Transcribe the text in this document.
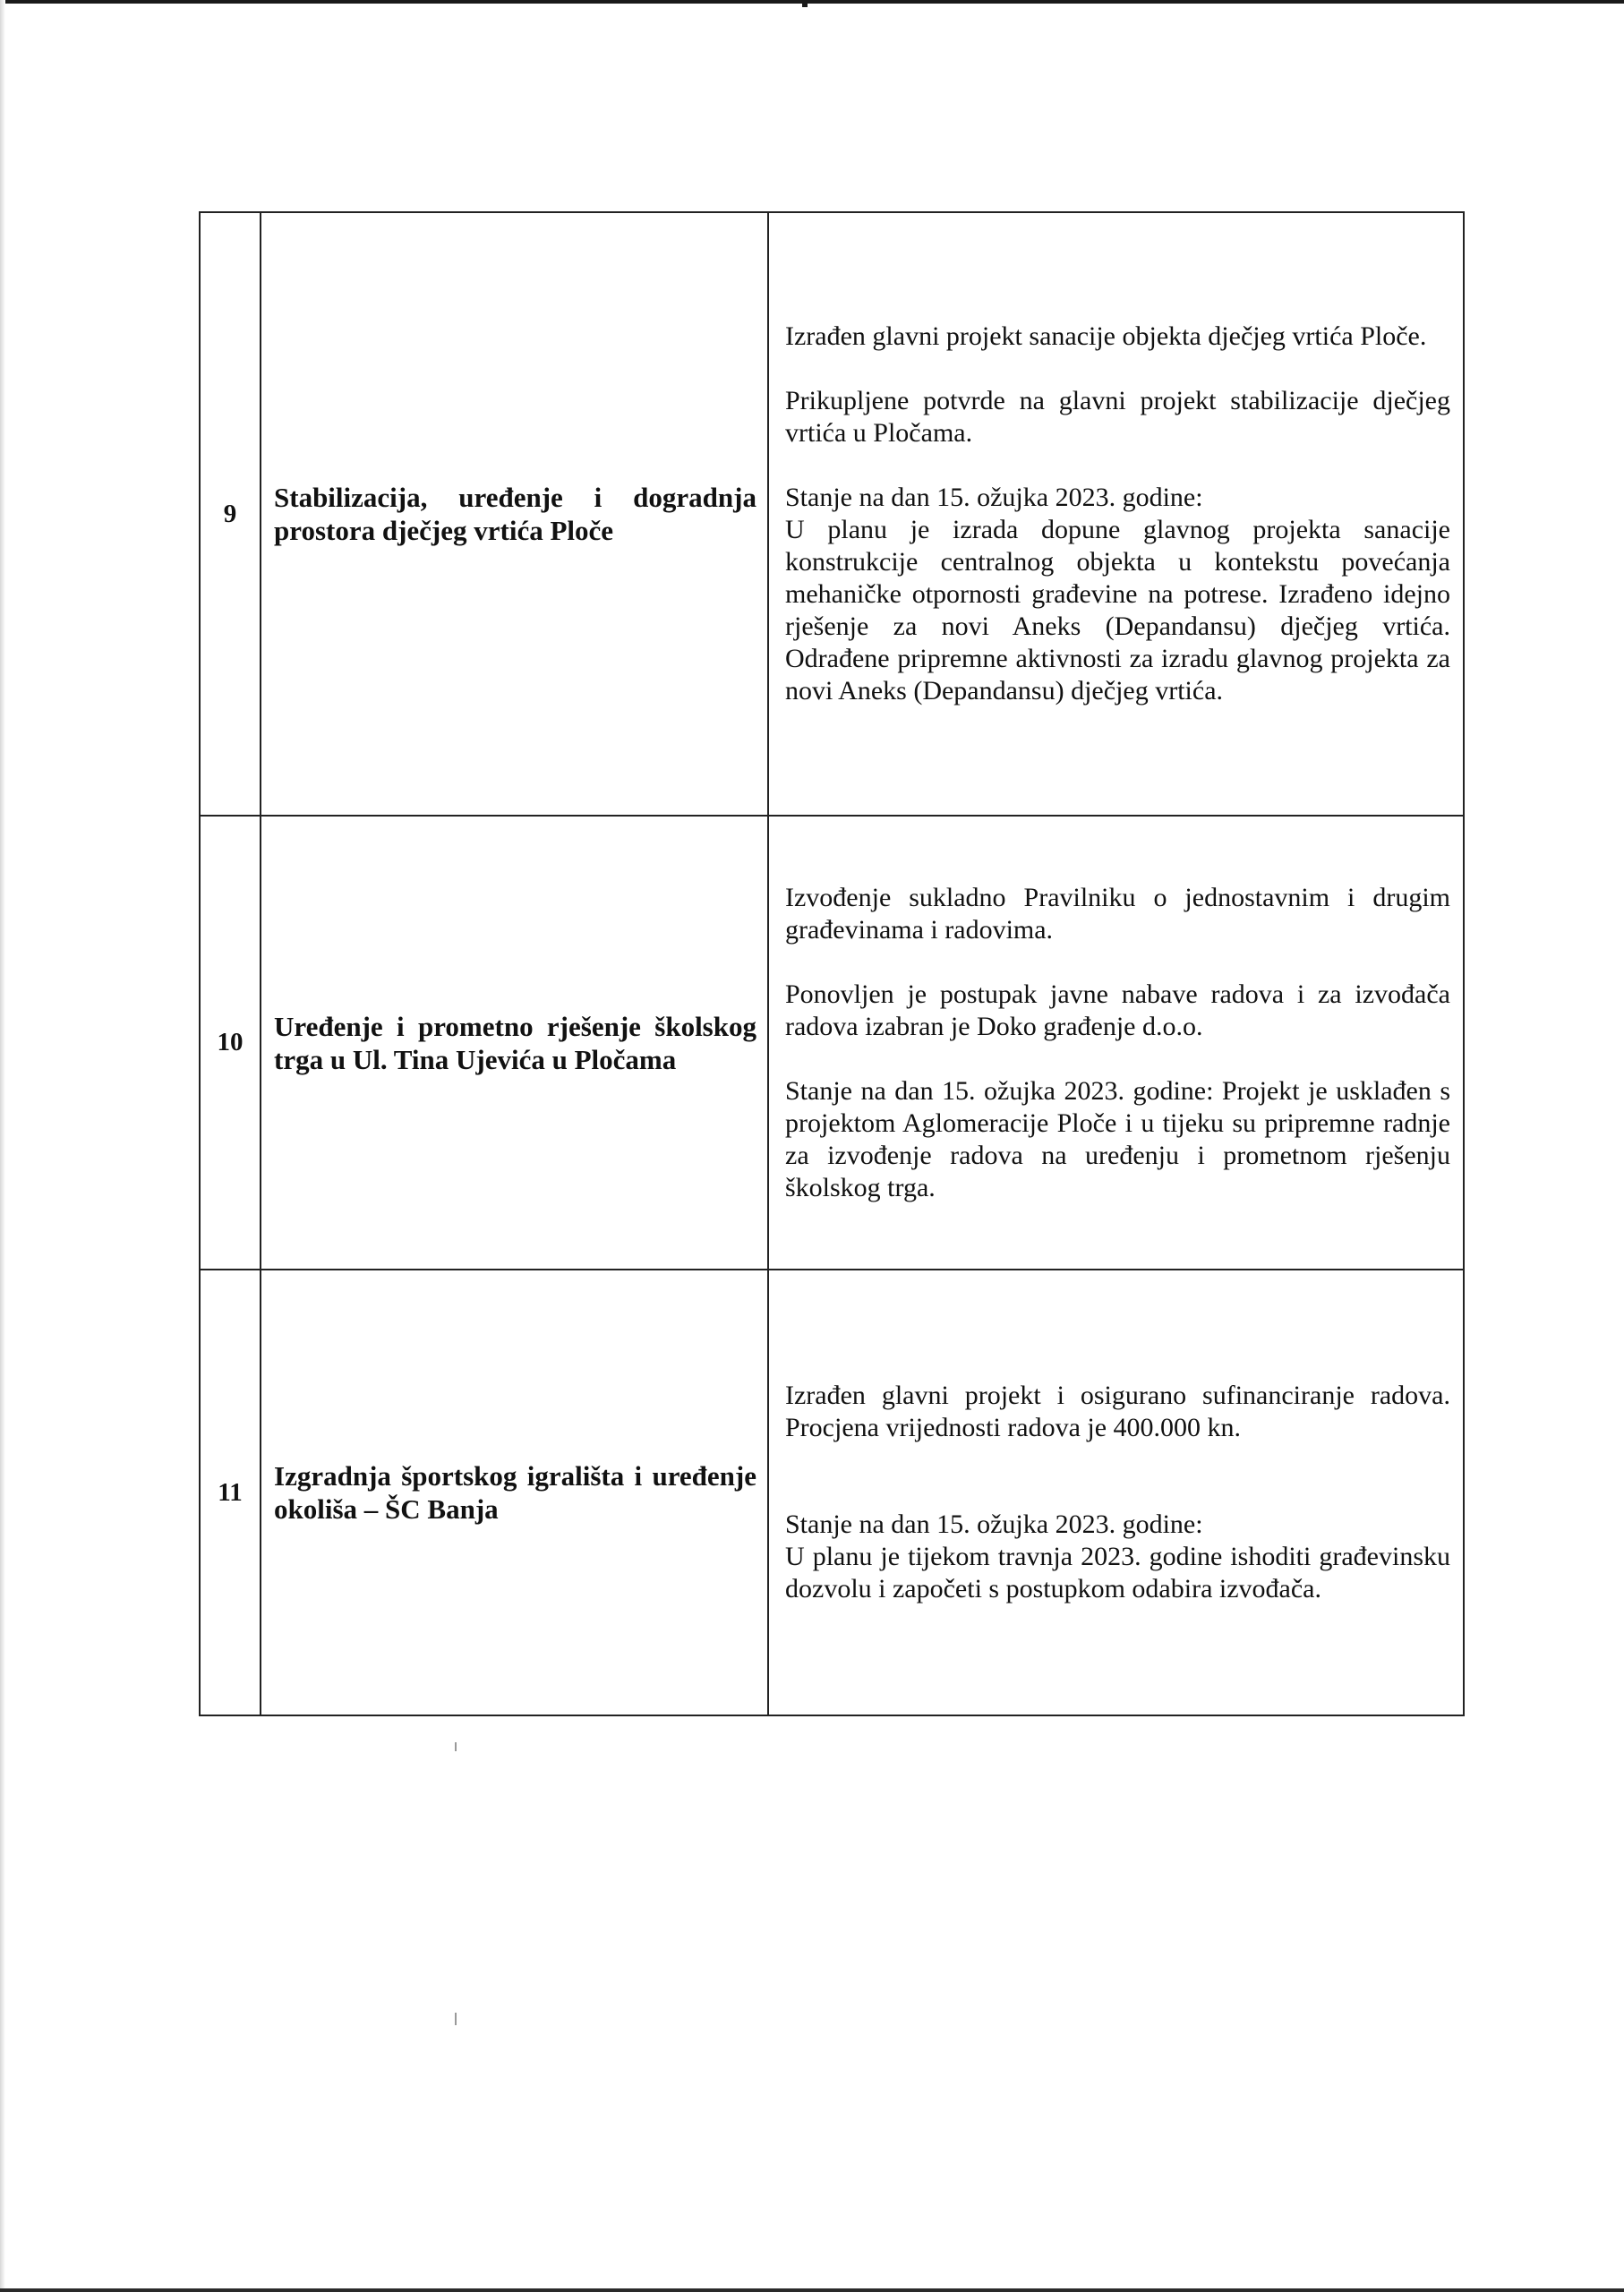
9	Stabilizacija, uređenje i dogradnja prostora dječjeg vrtića Ploče	Izrađen glavni projekt sanacije objekta dječjeg vrtića Ploče.

Prikupljene potvrde na glavni projekt stabilizacije dječjeg vrtića u Pločama.

Stanje na dan 15. ožujka 2023. godine:

U planu je izrada dopune glavnog projekta sanacije konstrukcije centralnog objekta u kontekstu povećanja mehaničke otpornosti građevine na potrese. Izrađeno idejno rješenje za novi Aneks (Depandansu) dječjeg vrtića. Odrađene pripremne aktivnosti za izradu glavnog projekta za novi Aneks (Depandansu) dječjeg vrtića.

10	Uređenje i prometno rješenje školskog trga u Ul. Tina Ujevića u Pločama	Izvođenje sukladno Pravilniku o jednostavnim i drugim građevinama i radovima.

Ponovljen je postupak javne nabave radova i za izvođača radova izabran je Doko građenje d.o.o.

Stanje na dan 15. ožujka 2023. godine: Projekt je usklađen s projektom Aglomeracije Ploče i u tijeku su pripremne radnje za izvođenje radova na uređenju i prometnom rješenju školskog trga.

11	Izgradnja športskog igrališta i uređenje okoliša – ŠC Banja	Izrađen glavni projekt i osigurano sufinanciranje radova. Procjena vrijednosti radova je 400.000 kn.

Stanje na dan 15. ožujka 2023. godine:

U planu je tijekom travnja 2023. godine ishoditi građevinsku dozvolu i započeti s postupkom odabira izvođača.
